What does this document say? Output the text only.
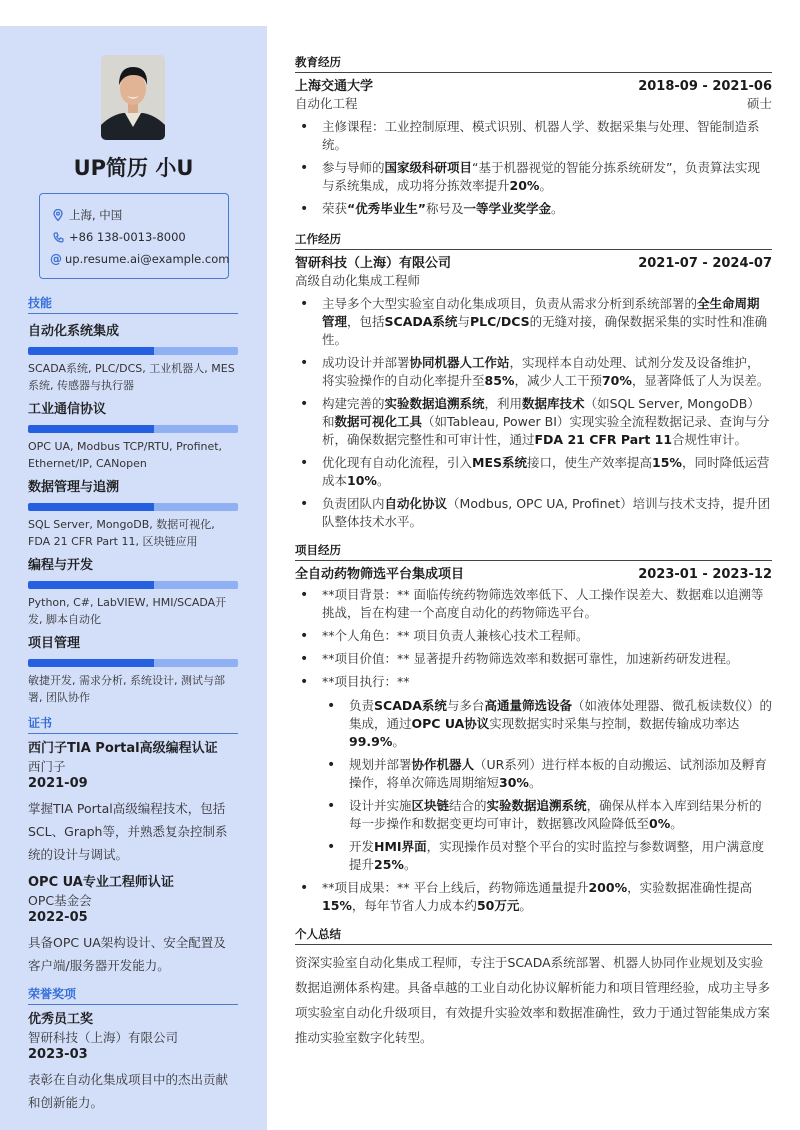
UP简历 小U
上海, 中国
+86 138-0013-8000
@ up.resume.ai@example.com
技能
自动化系统集成
SCADA系统, PLC/DCS, 工业机器人, MES系统, 传感器与执行器
工业通信协议
OPC UA, Modbus TCP/RTU, Profinet, Ethernet/IP, CANopen
数据管理与追溯
SQL Server, MongoDB, 数据可视化, FDA 21 CFR Part 11, 区块链应用
编程与开发
Python, C#, LabVIEW, HMI/SCADA开发, 脚本自动化
项目管理
敏捷开发, 需求分析, 系统设计, 测试与部署, 团队协作
证书
西门子TIA Portal高级编程认证
西门子
2021-09
掌握TIA Portal高级编程技术，包括SCL、Graph等，并熟悉复杂控制系统的设计与调试。
OPC UA专业工程师认证
OPC基金会
2022-05
具备OPC UA架构设计、安全配置及客户端/服务器开发能力。
荣誉奖项
优秀员工奖
智研科技（上海）有限公司
2023-03
表彰在自动化集成项目中的杰出贡献和创新能力。
教育经历
上海交通大学	2018-09 - 2021-06
自动化工程	硕士
• 主修课程：工业控制原理、模式识别、机器人学、数据采集与处理、智能制造系统。
• 参与导师的国家级科研项目“基于机器视觉的智能分拣系统研发”，负责算法实现与系统集成，成功将分拣效率提升20%。
• 荣获“优秀毕业生”称号及一等学业奖学金。
工作经历
智研科技（上海）有限公司	2021-07 - 2024-07
高级自动化集成工程师
• 主导多个大型实验室自动化集成项目，负责从需求分析到系统部署的全生命周期管理，包括SCADA系统与PLC/DCS的无缝对接，确保数据采集的实时性和准确性。
• 成功设计并部署协同机器人工作站，实现样本自动处理、试剂分发及设备维护，将实验操作的自动化率提升至85%，减少人工干预70%，显著降低了人为误差。
• 构建完善的实验数据追溯系统，利用数据库技术（如SQL Server, MongoDB）和数据可视化工具（如Tableau, Power BI）实现实验全流程数据记录、查询与分析，确保数据完整性和可审计性，通过FDA 21 CFR Part 11合规性审计。
• 优化现有自动化流程，引入MES系统接口，使生产效率提高15%，同时降低运营成本10%。
• 负责团队内自动化协议（Modbus, OPC UA, Profinet）培训与技术支持，提升团队整体技术水平。
项目经历
全自动药物筛选平台集成项目	2023-01 - 2023-12
• **项目背景：** 面临传统药物筛选效率低下、人工操作误差大、数据难以追溯等挑战，旨在构建一个高度自动化的药物筛选平台。
• **个人角色：** 项目负责人兼核心技术工程师。
• **项目价值：** 显著提升药物筛选效率和数据可靠性，加速新药研发进程。
• **项目执行：**
• 负责SCADA系统与多台高通量筛选设备（如液体处理器、微孔板读数仪）的集成，通过OPC UA协议实现数据实时采集与控制，数据传输成功率达99.9%。
• 规划并部署协作机器人（UR系列）进行样本板的自动搬运、试剂添加及孵育操作，将单次筛选周期缩短30%。
• 设计并实施区块链结合的实验数据追溯系统，确保从样本入库到结果分析的每一步操作和数据变更均可审计，数据篡改风险降低至0%。
• 开发HMI界面，实现操作员对整个平台的实时监控与参数调整，用户满意度提升25%。
• **项目成果：** 平台上线后，药物筛选通量提升200%，实验数据准确性提高15%，每年节省人力成本约50万元。
个人总结

资深实验室自动化集成工程师，专注于SCADA系统部署、机器人协同作业规划及实验数据追溯体系构建。具备卓越的工业自动化协议解析能力和项目管理经验，成功主导多项实验室自动化升级项目，有效提升实验效率和数据准确性，致力于通过智能集成方案推动实验室数字化转型。
